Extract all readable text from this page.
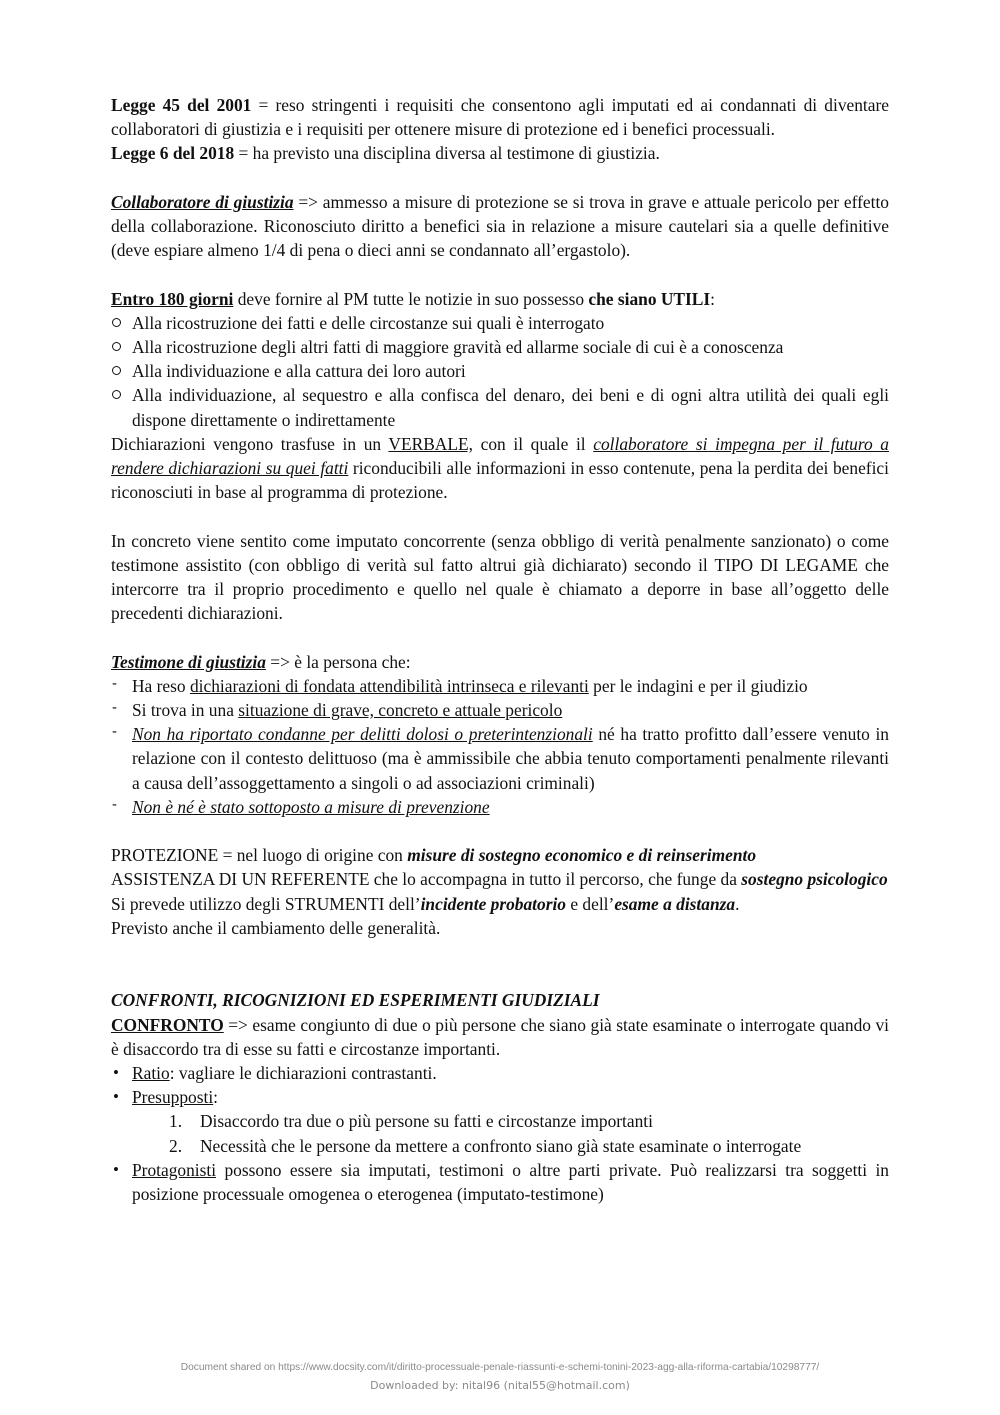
Legge 45 del 2001 = reso stringenti i requisiti che consentono agli imputati ed ai condannati di diventare collaboratori di giustizia e i requisiti per ottenere misure di protezione ed i benefici processuali.

Legge 6 del 2018 = ha previsto una disciplina diversa al testimone di giustizia.

Collaboratore di giustizia => ammesso a misure di protezione se si trova in grave e attuale pericolo per effetto della collaborazione. Riconosciuto diritto a benefici sia in relazione a misure cautelari sia a quelle definitive (deve espiare almeno 1/4 di pena o dieci anni se condannato all’ergastolo).

Entro 180 giorni deve fornire al PM tutte le notizie in suo possesso che siano UTILI:

Alla ricostruzione dei fatti e delle circostanze sui quali è interrogato
Alla ricostruzione degli altri fatti di maggiore gravità ed allarme sociale di cui è a conoscenza
Alla individuazione e alla cattura dei loro autori
Alla individuazione, al sequestro e alla confisca del denaro, dei beni e di ogni altra utilità dei quali egli dispone direttamente o indirettamente

Dichiarazioni vengono trasfuse in un VERBALE, con il quale il collaboratore si impegna per il futuro a rendere dichiarazioni su quei fatti riconducibili alle informazioni in esso contenute, pena la perdita dei benefici riconosciuti in base al programma di protezione.

In concreto viene sentito come imputato concorrente (senza obbligo di verità penalmente sanzionato) o come testimone assistito (con obbligo di verità sul fatto altrui già dichiarato) secondo il TIPO DI LEGAME che intercorre tra il proprio procedimento e quello nel quale è chiamato a deporre in base all’oggetto delle precedenti dichiarazioni.

Testimone di giustizia => è la persona che:

- Ha reso dichiarazioni di fondata attendibilità intrinseca e rilevanti per le indagini e per il giudizio
- Si trova in una situazione di grave, concreto e attuale pericolo
- Non ha riportato condanne per delitti dolosi o preterintenzionali né ha tratto profitto dall’essere venuto in relazione con il contesto delittuoso (ma è ammissibile che abbia tenuto comportamenti penalmente rilevanti a causa dell’assoggettamento a singoli o ad associazioni criminali)
- Non è né è stato sottoposto a misure di prevenzione

PROTEZIONE = nel luogo di origine con misure di sostegno economico e di reinserimento

ASSISTENZA DI UN REFERENTE che lo accompagna in tutto il percorso, che funge da sostegno psicologico

Si prevede utilizzo degli STRUMENTI dell’incidente probatorio e dell’esame a distanza.

Previsto anche il cambiamento delle generalità.

CONFRONTI, RICOGNIZIONI ED ESPERIMENTI GIUDIZIALI

CONFRONTO => esame congiunto di due o più persone che siano già state esaminate o interrogate quando vi è disaccordo tra di esse su fatti e circostanze importanti.

• Ratio: vagliare le dichiarazioni contrastanti.
• Presupposti:
1. Disaccordo tra due o più persone su fatti e circostanze importanti
2. Necessità che le persone da mettere a confronto siano già state esaminate o interrogate
• Protagonisti possono essere sia imputati, testimoni o altre parti private. Può realizzarsi tra soggetti in posizione processuale omogenea o eterogenea (imputato-testimone)
Document shared on https://www.docsity.com/it/diritto-processuale-penale-riassunti-e-schemi-tonini-2023-agg-alla-riforma-cartabia/10298777/
Downloaded by: nital96 (nital55@hotmail.com)
